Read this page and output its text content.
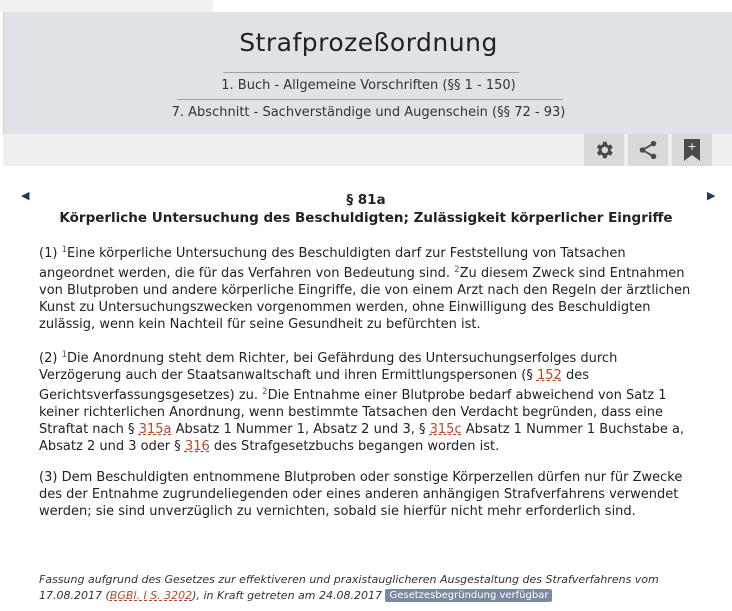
Strafprozeßordnung
1. Buch - Allgemeine Vorschriften (§§ 1 - 150)
7. Abschnitt - Sachverständige und Augenschein (§§ 72 - 93)
+
◀	▶
§ 81a
Körperliche Untersuchung des Beschuldigten; Zulässigkeit körperlicher Eingriffe

(1) $^1$Eine körperliche Untersuchung des Beschuldigten darf zur Feststellung von Tatsachen angeordnet werden, die für das Verfahren von Bedeutung sind. $^2$Zu diesem Zweck sind Entnahmen von Blutproben und andere körperliche Eingriffe, die von einem Arzt nach den Regeln der ärztlichen Kunst zu Untersuchungszwecken vorgenommen werden, ohne Einwilligung des Beschuldigten zulässig, wenn kein Nachteil für seine Gesundheit zu befürchten ist.

(2) $^1$Die Anordnung steht dem Richter, bei Gefährdung des Untersuchungserfolges durch Verzögerung auch der Staatsanwaltschaft und ihren Ermittlungspersonen (§ 152 des Gerichtsverfassungsgesetzes) zu. $^2$Die Entnahme einer Blutprobe bedarf abweichend von Satz 1 keiner richterlichen Anordnung, wenn bestimmte Tatsachen den Verdacht begründen, dass eine Straftat nach § 315a Absatz 1 Nummer 1, Absatz 2 und 3, § 315c Absatz 1 Nummer 1 Buchstabe a, Absatz 2 und 3 oder § 316 des Strafgesetzbuchs begangen worden ist.

(3) Dem Beschuldigten entnommene Blutproben oder sonstige Körperzellen dürfen nur für Zwecke des der Entnahme zugrundeliegenden oder eines anderen anhängigen Strafverfahrens verwendet werden; sie sind unverzüglich zu vernichten, sobald sie hierfür nicht mehr erforderlich sind.

Fassung aufgrund des Gesetzes zur effektiveren und praxistauglicheren Ausgestaltung des Strafverfahrens vom 17.08.2017 (BGBl. I S. 3202), in Kraft getreten am 24.08.2017 Gesetzesbegründung verfügbar
